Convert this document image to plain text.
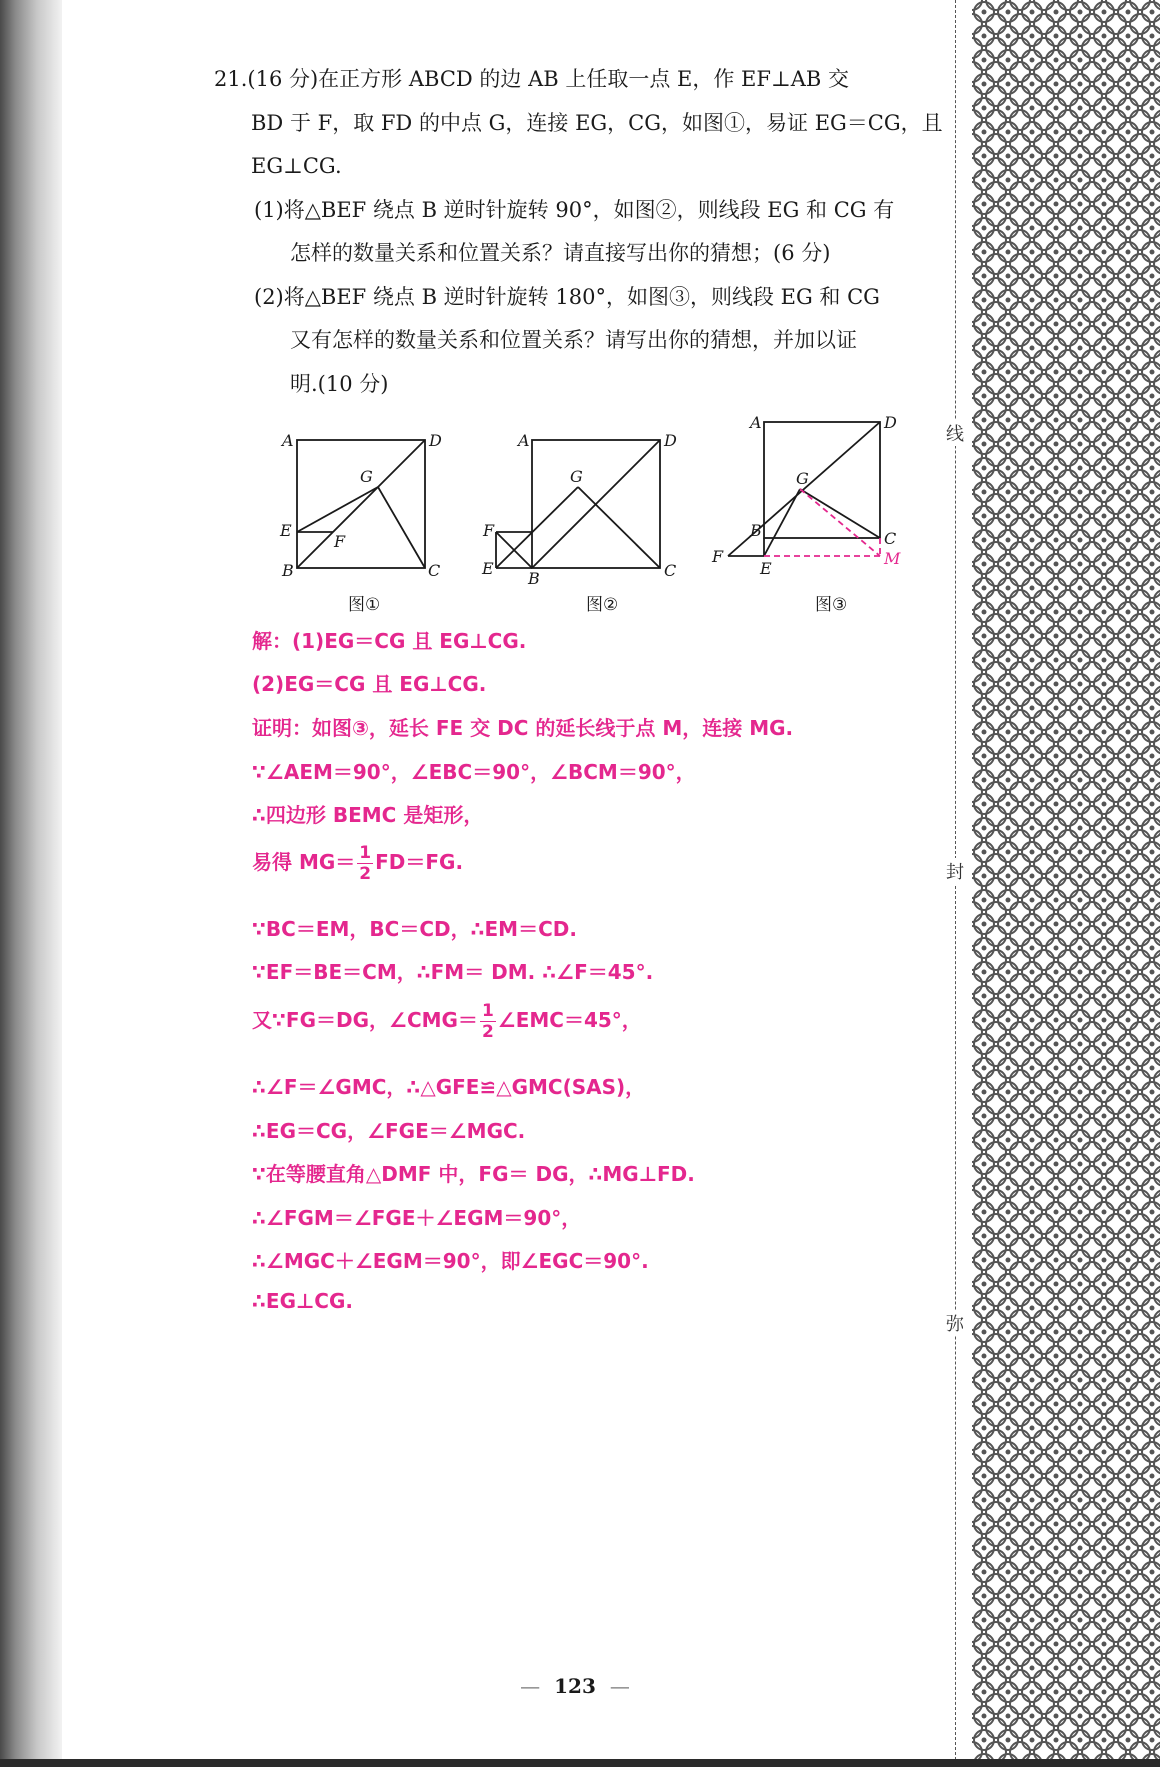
21.(16 分)在正方形 ABCD 的边 AB 上任取一点 E，作 EF⊥AB 交
BD 于 F，取 FD 的中点 G，连接 EG，CG，如图①，易证 EG＝CG，且
EG⊥CG.
(1)将△BEF 绕点 B 逆时针旋转 90°，如图②，则线段 EG 和 CG 有
怎样的数量关系和位置关系？请直接写出你的猜想；(6 分)
(2)将△BEF 绕点 B 逆时针旋转 180°，如图③，则线段 EG 和 CG
又有怎样的数量关系和位置关系？请写出你的猜想，并加以证
明.(10 分)
A	D
G
E
F
B	C
A	D
G
F
E
B	C
A	D
G
B	C
F
E
M
图①	图②	图③
解：(1)EG＝CG 且 EG⊥CG.
(2)EG＝CG 且 EG⊥CG.
证明：如图③，延长 FE 交 DC 的延长线于点 M，连接 MG.
∵∠AEM＝90°，∠EBC＝90°，∠BCM＝90°，
∴四边形 BEMC 是矩形，
易得 $MG= \frac{1}{2} FD=FG$.
∵BC＝EM，BC＝CD，∴EM＝CD.
∵EF＝BE＝CM，∴FM＝ DM. ∴∠F＝45°.
又∵FG＝DG，∠CMG＝ $\frac{1}{2}$ ∠EMC＝45°，
∴∠F＝∠GMC，∴△GFE≌△GMC(SAS)，
∴EG＝CG，∠FGE＝∠MGC.
∵在等腰直角△DMF 中，FG＝ DG，∴MG⊥FD.
∴∠FGM＝∠FGE＋∠EGM＝90°，
∴∠MGC＋∠EGM＝90°，即∠EGC＝90°.
∴EG⊥CG.
线
封
弥
— 123 —
